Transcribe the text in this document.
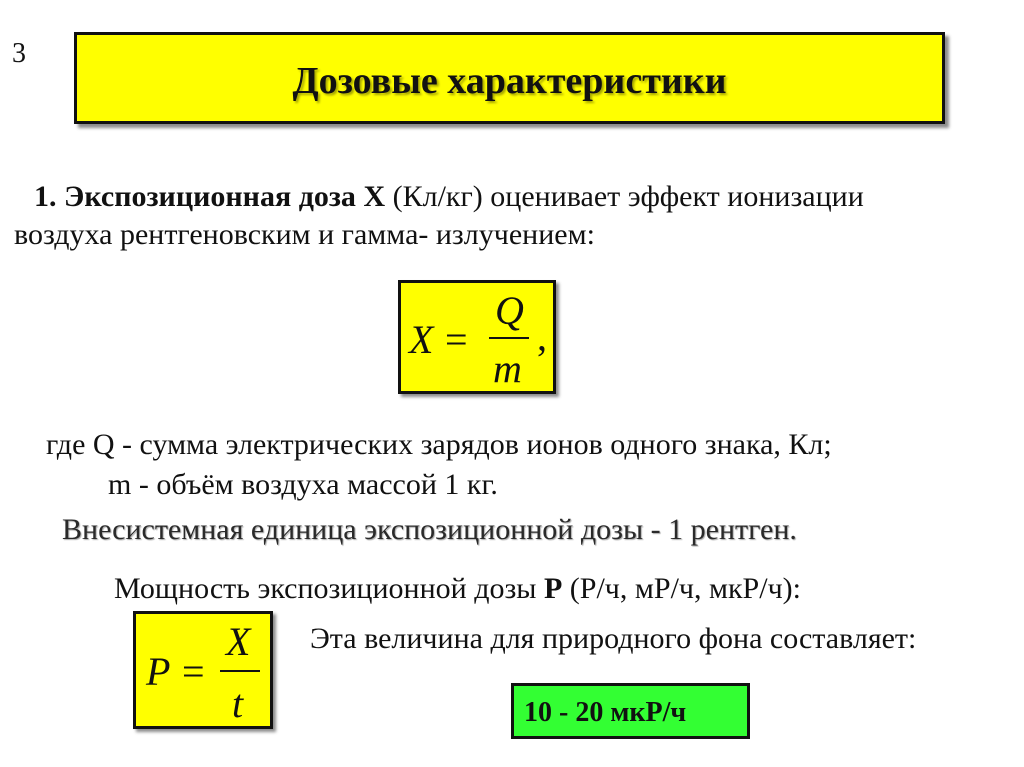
3
Дозовые характеристики
1. Экспозиционная доза X (Кл/кг) оценивает эффект ионизации
воздуха рентгеновским и гамма- излучением:
X =
Q
m
,
где Q - сумма электрических зарядов ионов одного знака, Кл;
m - объём воздуха массой 1 кг.
Внесистемная единица экспозиционной дозы - 1 рентген.
Мощность экспозиционной дозы P (Р/ч, мР/ч, мкР/ч):
P =
X
t
Эта величина для природного фона составляет:
10 - 20 мкР/ч
